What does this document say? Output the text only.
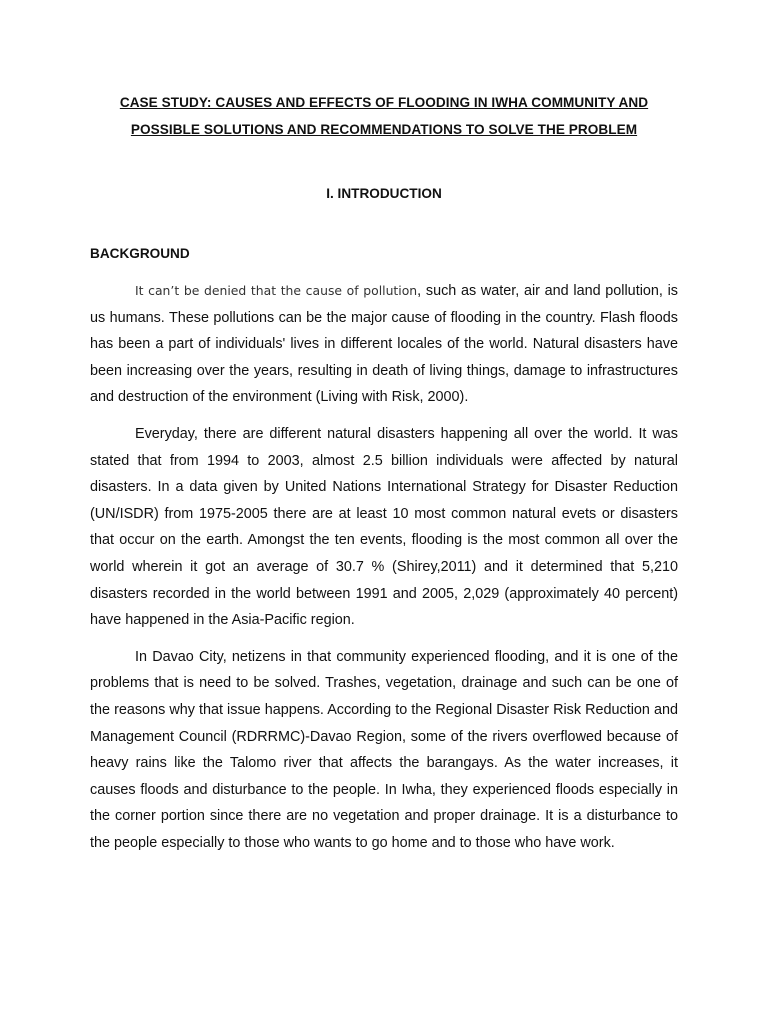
CASE STUDY: CAUSES AND EFFECTS OF FLOODING IN IWHA COMMUNITY AND
POSSIBLE SOLUTIONS AND RECOMMENDATIONS TO SOLVE THE PROBLEM
I. INTRODUCTION
BACKGROUND

It can’t be denied that the cause of pollution, such as water, air and land pollution, is us humans. These pollutions can be the major cause of flooding in the country. Flash floods has been a part of individuals' lives in different locales of the world. Natural disasters have been increasing over the years, resulting in death of living things, damage to infrastructures and destruction of the environment (Living with Risk, 2000).

Everyday, there are different natural disasters happening all over the world. It was stated that from 1994 to 2003, almost 2.5 billion individuals were affected by natural disasters. In a data given by United Nations International Strategy for Disaster Reduction (UN/ISDR) from 1975-2005 there are at least 10 most common natural evets or disasters that occur on the earth. Amongst the ten events, flooding is the most common all over the world wherein it got an average of 30.7 % (Shirey,2011) and it determined that 5,210 disasters recorded in the world between 1991 and 2005, 2,029 (approximately 40 percent) have happened in the Asia-Pacific region.

In Davao City, netizens in that community experienced flooding, and it is one of the problems that is need to be solved. Trashes, vegetation, drainage and such can be one of the reasons why that issue happens. According to the Regional Disaster Risk Reduction and Management Council (RDRRMC)-Davao Region, some of the rivers overflowed because of heavy rains like the Talomo river that affects the barangays. As the water increases, it causes floods and disturbance to the people. In Iwha, they experienced floods especially in the corner portion since there are no vegetation and proper drainage. It is a disturbance to the people especially to those who wants to go home and to those who have work.
